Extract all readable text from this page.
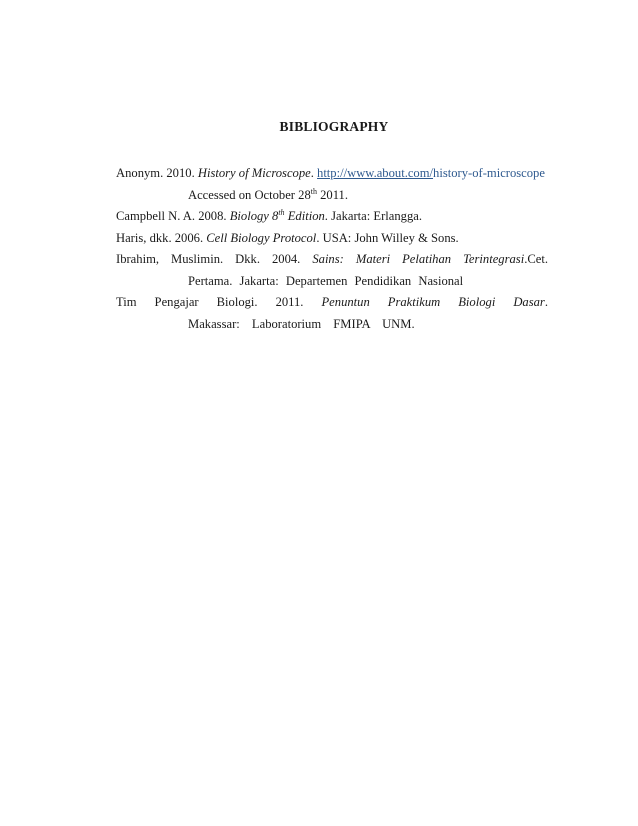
BIBLIOGRAPHY

Anonym. 2010. History of Microscope. http://www.about.com/history-of-microscope
Accessed on October 28th 2011.

Campbell N. A. 2008. Biology 8th Edition. Jakarta: Erlangga.

Haris, dkk. 2006. Cell Biology Protocol. USA: John Willey & Sons.

Ibrahim, Muslimin. Dkk. 2004. Sains: Materi Pelatihan Terintegrasi.Cet. Pertama. Jakarta: Departemen Pendidikan Nasional

Tim Pengajar Biologi. 2011. Penuntun Praktikum Biologi Dasar. Makassar: Laboratorium FMIPA UNM.
